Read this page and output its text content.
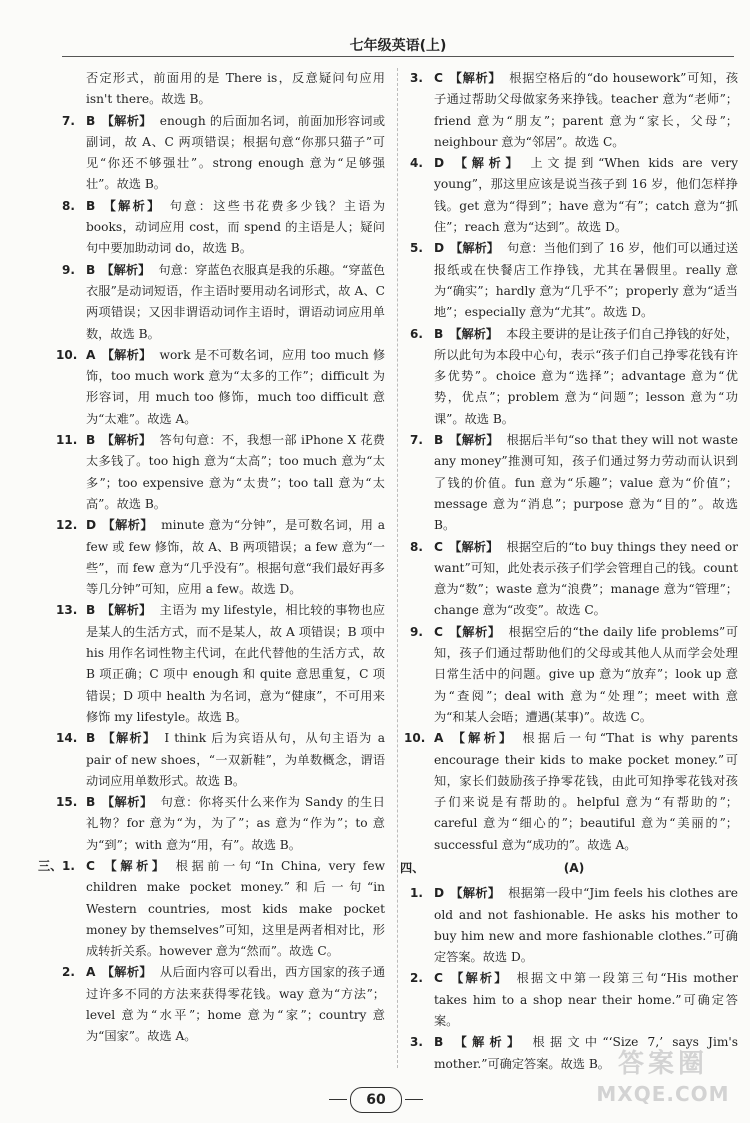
七年级英语(上)

否定形式，前面用的是 There is，反意疑问句应用 isn't there。故选 B。

7. B 【解析】 enough 的后面加名词，前面加形容词或副词，故 A、C 两项错误；根据句意“你那只猫子”可见“你还不够强壮”。strong enough 意为“足够强壮”。故选 B。

8. B 【解析】 句意：这些书花费多少钱？主语为 books，动词应用 cost，而 spend 的主语是人；疑问句中要加助动词 do，故选 B。

9. B 【解析】 句意：穿蓝色衣服真是我的乐趣。“穿蓝色衣服”是动词短语，作主语时要用动名词形式，故 A、C 两项错误；又因非谓语动词作主语时，谓语动词应用单数，故选 B。

10. A 【解析】 work 是不可数名词，应用 too much 修饰，too much work 意为“太多的工作”；difficult 为形容词，用 much too 修饰，much too difficult 意为“太难”。故选 A。

11. B 【解析】 答句句意：不，我想一部 iPhone X 花费太多钱了。too high 意为“太高”；too much 意为“太多”；too expensive 意为“太贵”；too tall 意为“太高”。故选 B。

12. D 【解析】 minute 意为“分钟”，是可数名词，用 a few 或 few 修饰，故 A、B 两项错误；a few 意为“一些”，而 few 意为“几乎没有”。根据句意“我们最好再多等几分钟”可知，应用 a few。故选 D。

13. B 【解析】 主语为 my lifestyle，相比较的事物也应是某人的生活方式，而不是某人，故 A 项错误；B 项中 his 用作名词性物主代词，在此代替他的生活方式，故 B 项正确；C 项中 enough 和 quite 意思重复，C 项错误；D 项中 health 为名词，意为“健康”，不可用来修饰 my lifestyle。故选 B。

14. B 【解析】 I think 后为宾语从句，从句主语为 a pair of new shoes，“一双新鞋”，为单数概念，谓语动词应用单数形式。故选 B。

15. B 【解析】 句意：你将买什么来作为 Sandy 的生日礼物？for 意为“为，为了”；as 意为“作为”；to 意为“到”；with 意为“用，有”。故选 B。

三、 1. C 【解析】 根据前一句“In China, very few children make pocket money.”和后一句“in Western countries, most kids make pocket money by themselves”可知，这里是两者相对比，形成转折关系。however 意为“然而”。故选 C。

2. A 【解析】 从后面内容可以看出，西方国家的孩子通过许多不同的方法来获得零花钱。way 意为“方法”；level 意为“水平”；home 意为“家”；country 意为“国家”。故选 A。

3. C 【解析】 根据空格后的“do housework”可知，孩子通过帮助父母做家务来挣钱。teacher 意为“老师”；friend 意为“朋友”；parent 意为“家长，父母”；neighbour 意为“邻居”。故选 C。

4. D 【解析】 上文提到“When kids are very young”，那这里应该是说当孩子到 16 岁，他们怎样挣钱。get 意为“得到”；have 意为“有”；catch 意为“抓住”；reach 意为“达到”。故选 D。

5. D 【解析】 句意：当他们到了 16 岁，他们可以通过送报纸或在快餐店工作挣钱，尤其在暑假里。really 意为“确实”；hardly 意为“几乎不”；properly 意为“适当地”；especially 意为“尤其”。故选 D。

6. B 【解析】 本段主要讲的是让孩子们自己挣钱的好处，所以此句为本段中心句，表示“孩子们自己挣零花钱有许多优势”。choice 意为“选择”；advantage 意为“优势，优点”；problem 意为“问题”；lesson 意为“功课”。故选 B。

7. B 【解析】 根据后半句“so that they will not waste any money”推测可知，孩子们通过努力劳动而认识到了钱的价值。fun 意为“乐趣”；value 意为“价值”；message 意为“消息”；purpose 意为“目的”。故选 B。

8. C 【解析】 根据空后的“to buy things they need or want”可知，此处表示孩子们学会管理自己的钱。count 意为“数”；waste 意为“浪费”；manage 意为“管理”；change 意为“改变”。故选 C。

9. C 【解析】 根据空后的“the daily life problems”可知，孩子们通过帮助他们的父母或其他人从而学会处理日常生活中的问题。give up 意为“放弃”；look up 意为“查阅”；deal with 意为“处理”；meet with 意为“和某人会晤；遭遇(某事)”。故选 C。

10. A 【解析】 根据后一句“That is why parents encourage their kids to make pocket money.”可知，家长们鼓励孩子挣零花钱，由此可知挣零花钱对孩子们来说是有帮助的。helpful 意为“有帮助的”；careful 意为“细心的”；beautiful 意为“美丽的”；successful 意为“成功的”。故选 A。

四、	(A)

1. D 【解析】 根据第一段中“Jim feels his clothes are old and not fashionable. He asks his mother to buy him new and more fashionable clothes.”可确定答案。故选 D。

2. C 【解析】 根据文中第一段第三句“His mother takes him to a shop near their home.”可确定答案。

3. B 【解析】 根据文中“‘Size 7,’ says Jim's mother.”可确定答案。故选 B。

60
答案圈
MXQE.COM
